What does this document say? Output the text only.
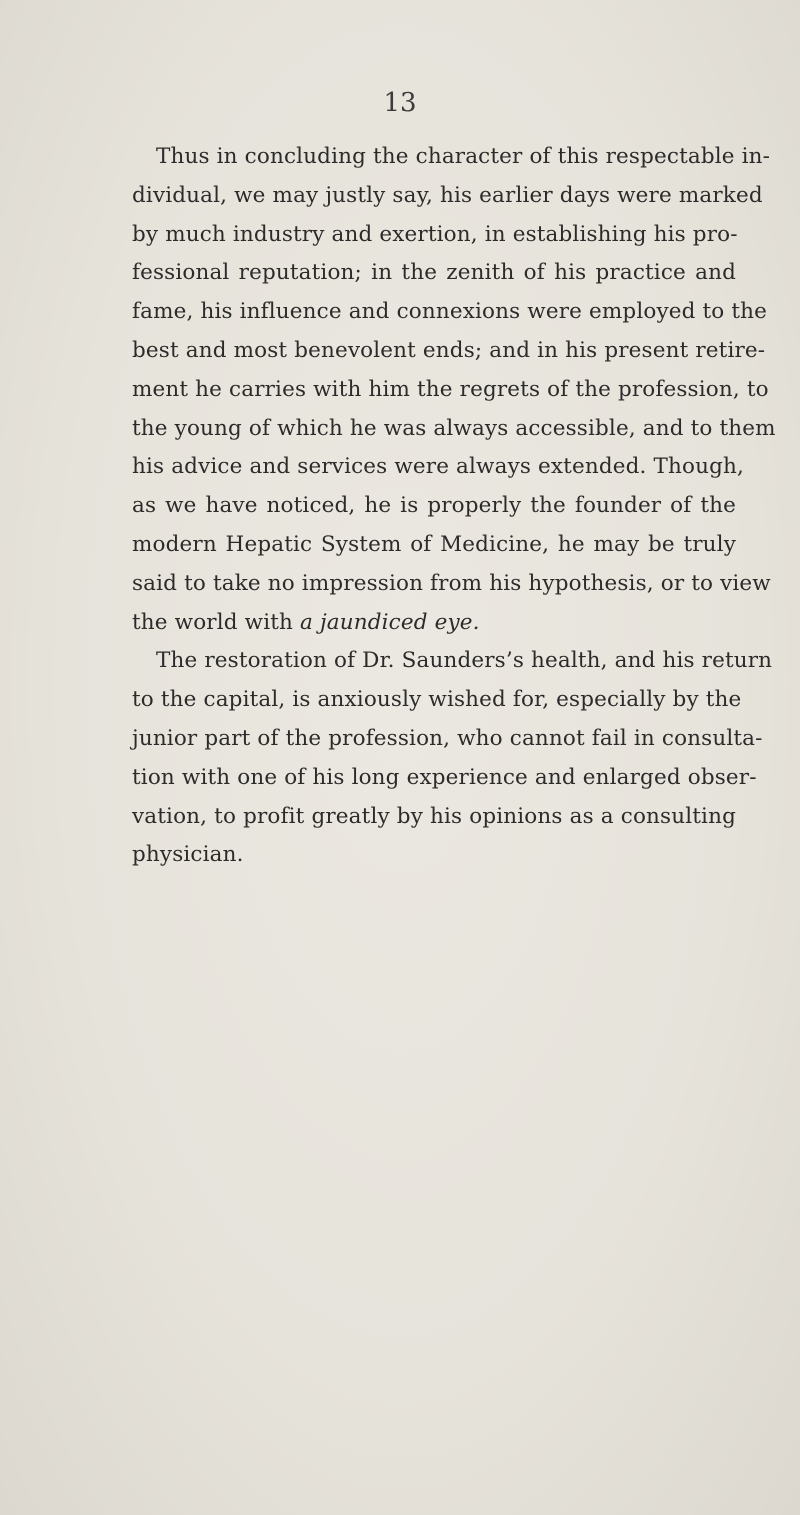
13
Thus in concluding the character of this respectable in-
dividual, we may justly say, his earlier days were marked
by much industry and exertion, in establishing his pro-
fessional reputation; in the zenith of his practice and
fame, his influence and connexions were employed to the
best and most benevolent ends; and in his present retire-
ment he carries with him the regrets of the profession, to
the young of which he was always accessible, and to them
his advice and services were always extended. Though,
as we have noticed, he is properly the founder of the
modern Hepatic System of Medicine, he may be truly
said to take no impression from his hypothesis, or to view
the world with a jaundiced eye.
The restoration of Dr. Saunders’s health, and his return
to the capital, is anxiously wished for, especially by the
junior part of the profession, who cannot fail in consulta-
tion with one of his long experience and enlarged obser-
vation, to profit greatly by his opinions as a consulting
physician.
